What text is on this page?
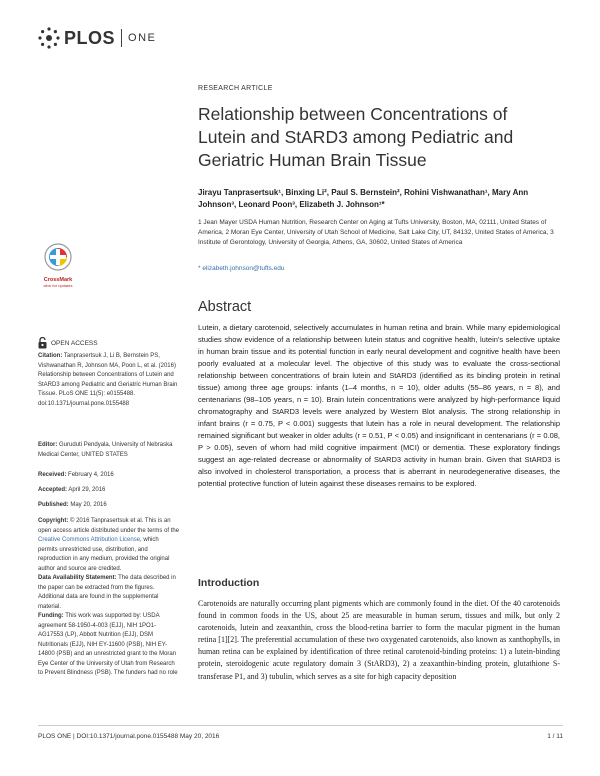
PLOS ONE
RESEARCH ARTICLE
Relationship between Concentrations of Lutein and StARD3 among Pediatric and Geriatric Human Brain Tissue
Jirayu Tanprasertsuk¹, Binxing Li², Paul S. Bernstein², Rohini Vishwanathan¹, Mary Ann Johnson³, Leonard Poon³, Elizabeth J. Johnson¹*
1 Jean Mayer USDA Human Nutrition, Research Center on Aging at Tufts University, Boston, MA, 02111, United States of America, 2 Moran Eye Center, University of Utah School of Medicine, Salt Lake City, UT, 84132, United States of America, 3 Institute of Gerontology, University of Georgia, Athens, GA, 30602, United States of America
* elizabeth.johnson@tufts.edu
CrossMark
click for updates
Abstract

Lutein, a dietary carotenoid, selectively accumulates in human retina and brain. While many epidemiological studies show evidence of a relationship between lutein status and cognitive health, lutein's selective uptake in human brain tissue and its potential function in early neural development and cognitive health have been poorly evaluated at a molecular level. The objective of this study was to evaluate the cross-sectional relationship between concentrations of brain lutein and StARD3 (identified as its binding protein in retinal tissue) among three age groups: infants (1–4 months, n = 10), older adults (55–86 years, n = 8), and centenarians (98–105 years, n = 10). Brain lutein concentrations were analyzed by high-performance liquid chromatography and StARD3 levels were analyzed by Western Blot analysis. The strong relationship in infant brains (r = 0.75, P < 0.001) suggests that lutein has a role in neural development. The relationship remained significant but weaker in older adults (r = 0.51, P < 0.05) and insignificant in centenarians (r = 0.08, P > 0.05), seven of whom had mild cognitive impairment (MCI) or dementia. These exploratory findings suggest an age-related decrease or abnormality of StARD3 activity in human brain. Given that StARD3 is also involved in cholesterol transportation, a process that is aberrant in neurodegenerative diseases, the potential protective function of lutein against these diseases remains to be explored.

OPEN ACCESS
Citation: Tanprasertsuk J, Li B, Bernstein PS, Vishwanathan R, Johnson MA, Poon L, et al. (2016) Relationship between Concentrations of Lutein and StARD3 among Pediatric and Geriatric Human Brain Tissue. PLoS ONE 11(5): e0155488. doi:10.1371/journal.pone.0155488
Editor: Guruduti Pendyala, University of Nebraska Medical Center, UNITED STATES
Received: February 4, 2016
Accepted: April 29, 2016
Published: May 20, 2016
Copyright: © 2016 Tanprasertsuk et al. This is an open access article distributed under the terms of the Creative Commons Attribution License, which permits unrestricted use, distribution, and reproduction in any medium, provided the original author and source are credited.
Data Availability Statement: The data described in the paper can be extracted from the figures. Additional data are found in the supplemental material.
Funding: This work was supported by: USDA agreement 58-1950-4-003 (EJJ), NIH 1PO1-AG17553 (LP), Abbott Nutrition (EJJ), DSM Nutritionals (EJJ), NIH EY-11600 (PSB), NIH EY-14800 (PSB) and an unrestricted grant to the Moran Eye Center of the University of Utah from Research to Prevent Blindness (PSB). The funders had no role
Introduction

Carotenoids are naturally occurring plant pigments which are commonly found in the diet. Of the 40 carotenoids found in common foods in the US, about 25 are measurable in human serum, tissues and milk, but only 2 carotenoids, lutein and zeaxanthin, cross the blood-retina barrier to form the macular pigment in the human retina [1][2]. The preferential accumulation of these two oxygenated carotenoids, also known as xanthophylls, in human retina can be explained by identification of three retinal carotenoid-binding proteins: 1) a lutein-binding protein, steroidogenic acute regulatory domain 3 (StARD3), 2) a zeaxanthin-binding protein, glutathione S-transferase P1, and 3) tubulin, which serves as a site for high capacity deposition

PLOS ONE | DOI:10.1371/journal.pone.0155488 May 20, 2016	1 / 11
